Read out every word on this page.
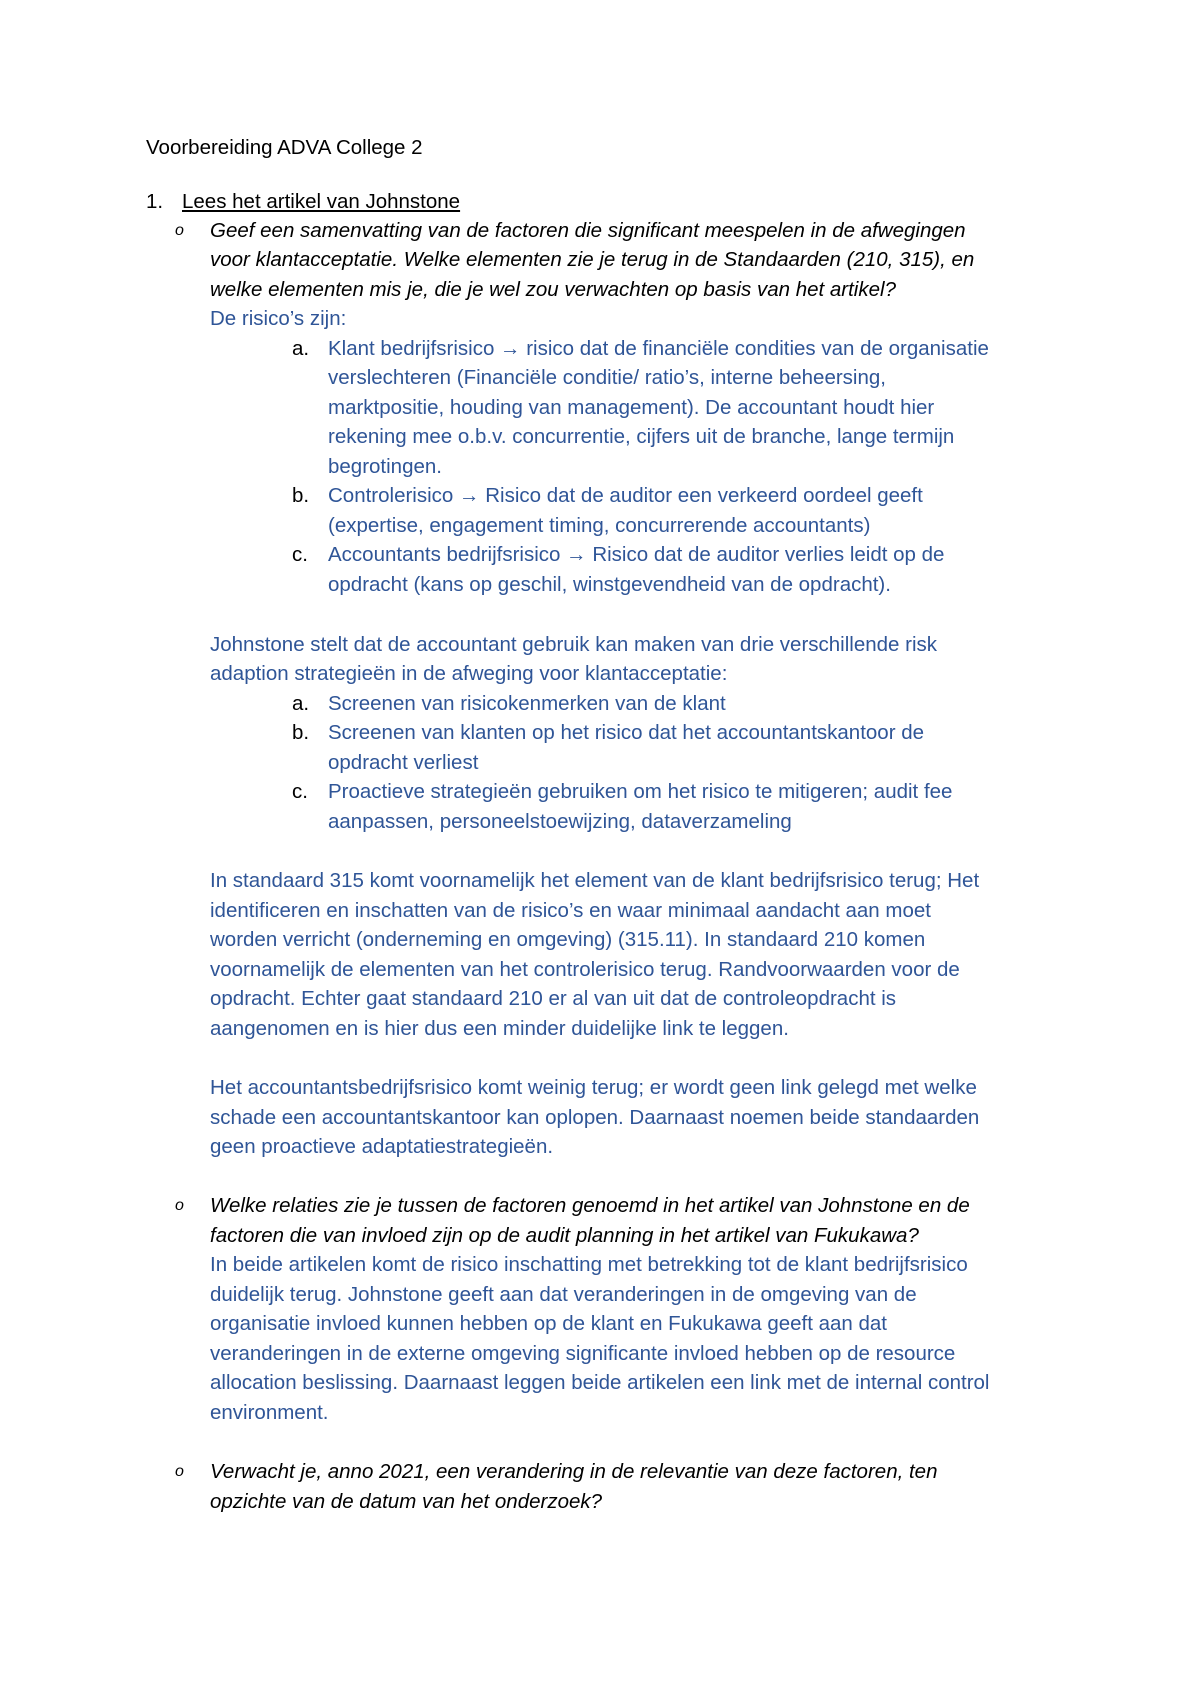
Voorbereiding ADVA College 2
1. Lees het artikel van Johnstone
o Geef een samenvatting van de factoren die significant meespelen in de afwegingen
voor klantacceptatie. Welke elementen zie je terug in de Standaarden (210, 315), en
welke elementen mis je, die je wel zou verwachten op basis van het artikel?
De risico’s zijn:
a. Klant bedrijfsrisico → risico dat de financiële condities van de organisatie
verslechteren (Financiële conditie/ ratio’s, interne beheersing,
marktpositie, houding van management). De accountant houdt hier
rekening mee o.b.v. concurrentie, cijfers uit de branche, lange termijn
begrotingen.
b. Controlerisico → Risico dat de auditor een verkeerd oordeel geeft
(expertise, engagement timing, concurrerende accountants)
c. Accountants bedrijfsrisico → Risico dat de auditor verlies leidt op de
opdracht (kans op geschil, winstgevendheid van de opdracht).
Johnstone stelt dat de accountant gebruik kan maken van drie verschillende risk
adaption strategieën in de afweging voor klantacceptatie:
a. Screenen van risicokenmerken van de klant
b. Screenen van klanten op het risico dat het accountantskantoor de
opdracht verliest
c. Proactieve strategieën gebruiken om het risico te mitigeren; audit fee
aanpassen, personeelstoewijzing, dataverzameling
In standaard 315 komt voornamelijk het element van de klant bedrijfsrisico terug; Het
identificeren en inschatten van de risico’s en waar minimaal aandacht aan moet
worden verricht (onderneming en omgeving) (315.11). In standaard 210 komen
voornamelijk de elementen van het controlerisico terug. Randvoorwaarden voor de
opdracht. Echter gaat standaard 210 er al van uit dat de controleopdracht is
aangenomen en is hier dus een minder duidelijke link te leggen.
Het accountantsbedrijfsrisico komt weinig terug; er wordt geen link gelegd met welke
schade een accountantskantoor kan oplopen. Daarnaast noemen beide standaarden
geen proactieve adaptatiestrategieën.
o Welke relaties zie je tussen de factoren genoemd in het artikel van Johnstone en de
factoren die van invloed zijn op de audit planning in het artikel van Fukukawa?
In beide artikelen komt de risico inschatting met betrekking tot de klant bedrijfsrisico
duidelijk terug. Johnstone geeft aan dat veranderingen in de omgeving van de
organisatie invloed kunnen hebben op de klant en Fukukawa geeft aan dat
veranderingen in de externe omgeving significante invloed hebben op de resource
allocation beslissing. Daarnaast leggen beide artikelen een link met de internal control
environment.
o Verwacht je, anno 2021, een verandering in de relevantie van deze factoren, ten
opzichte van de datum van het onderzoek?
